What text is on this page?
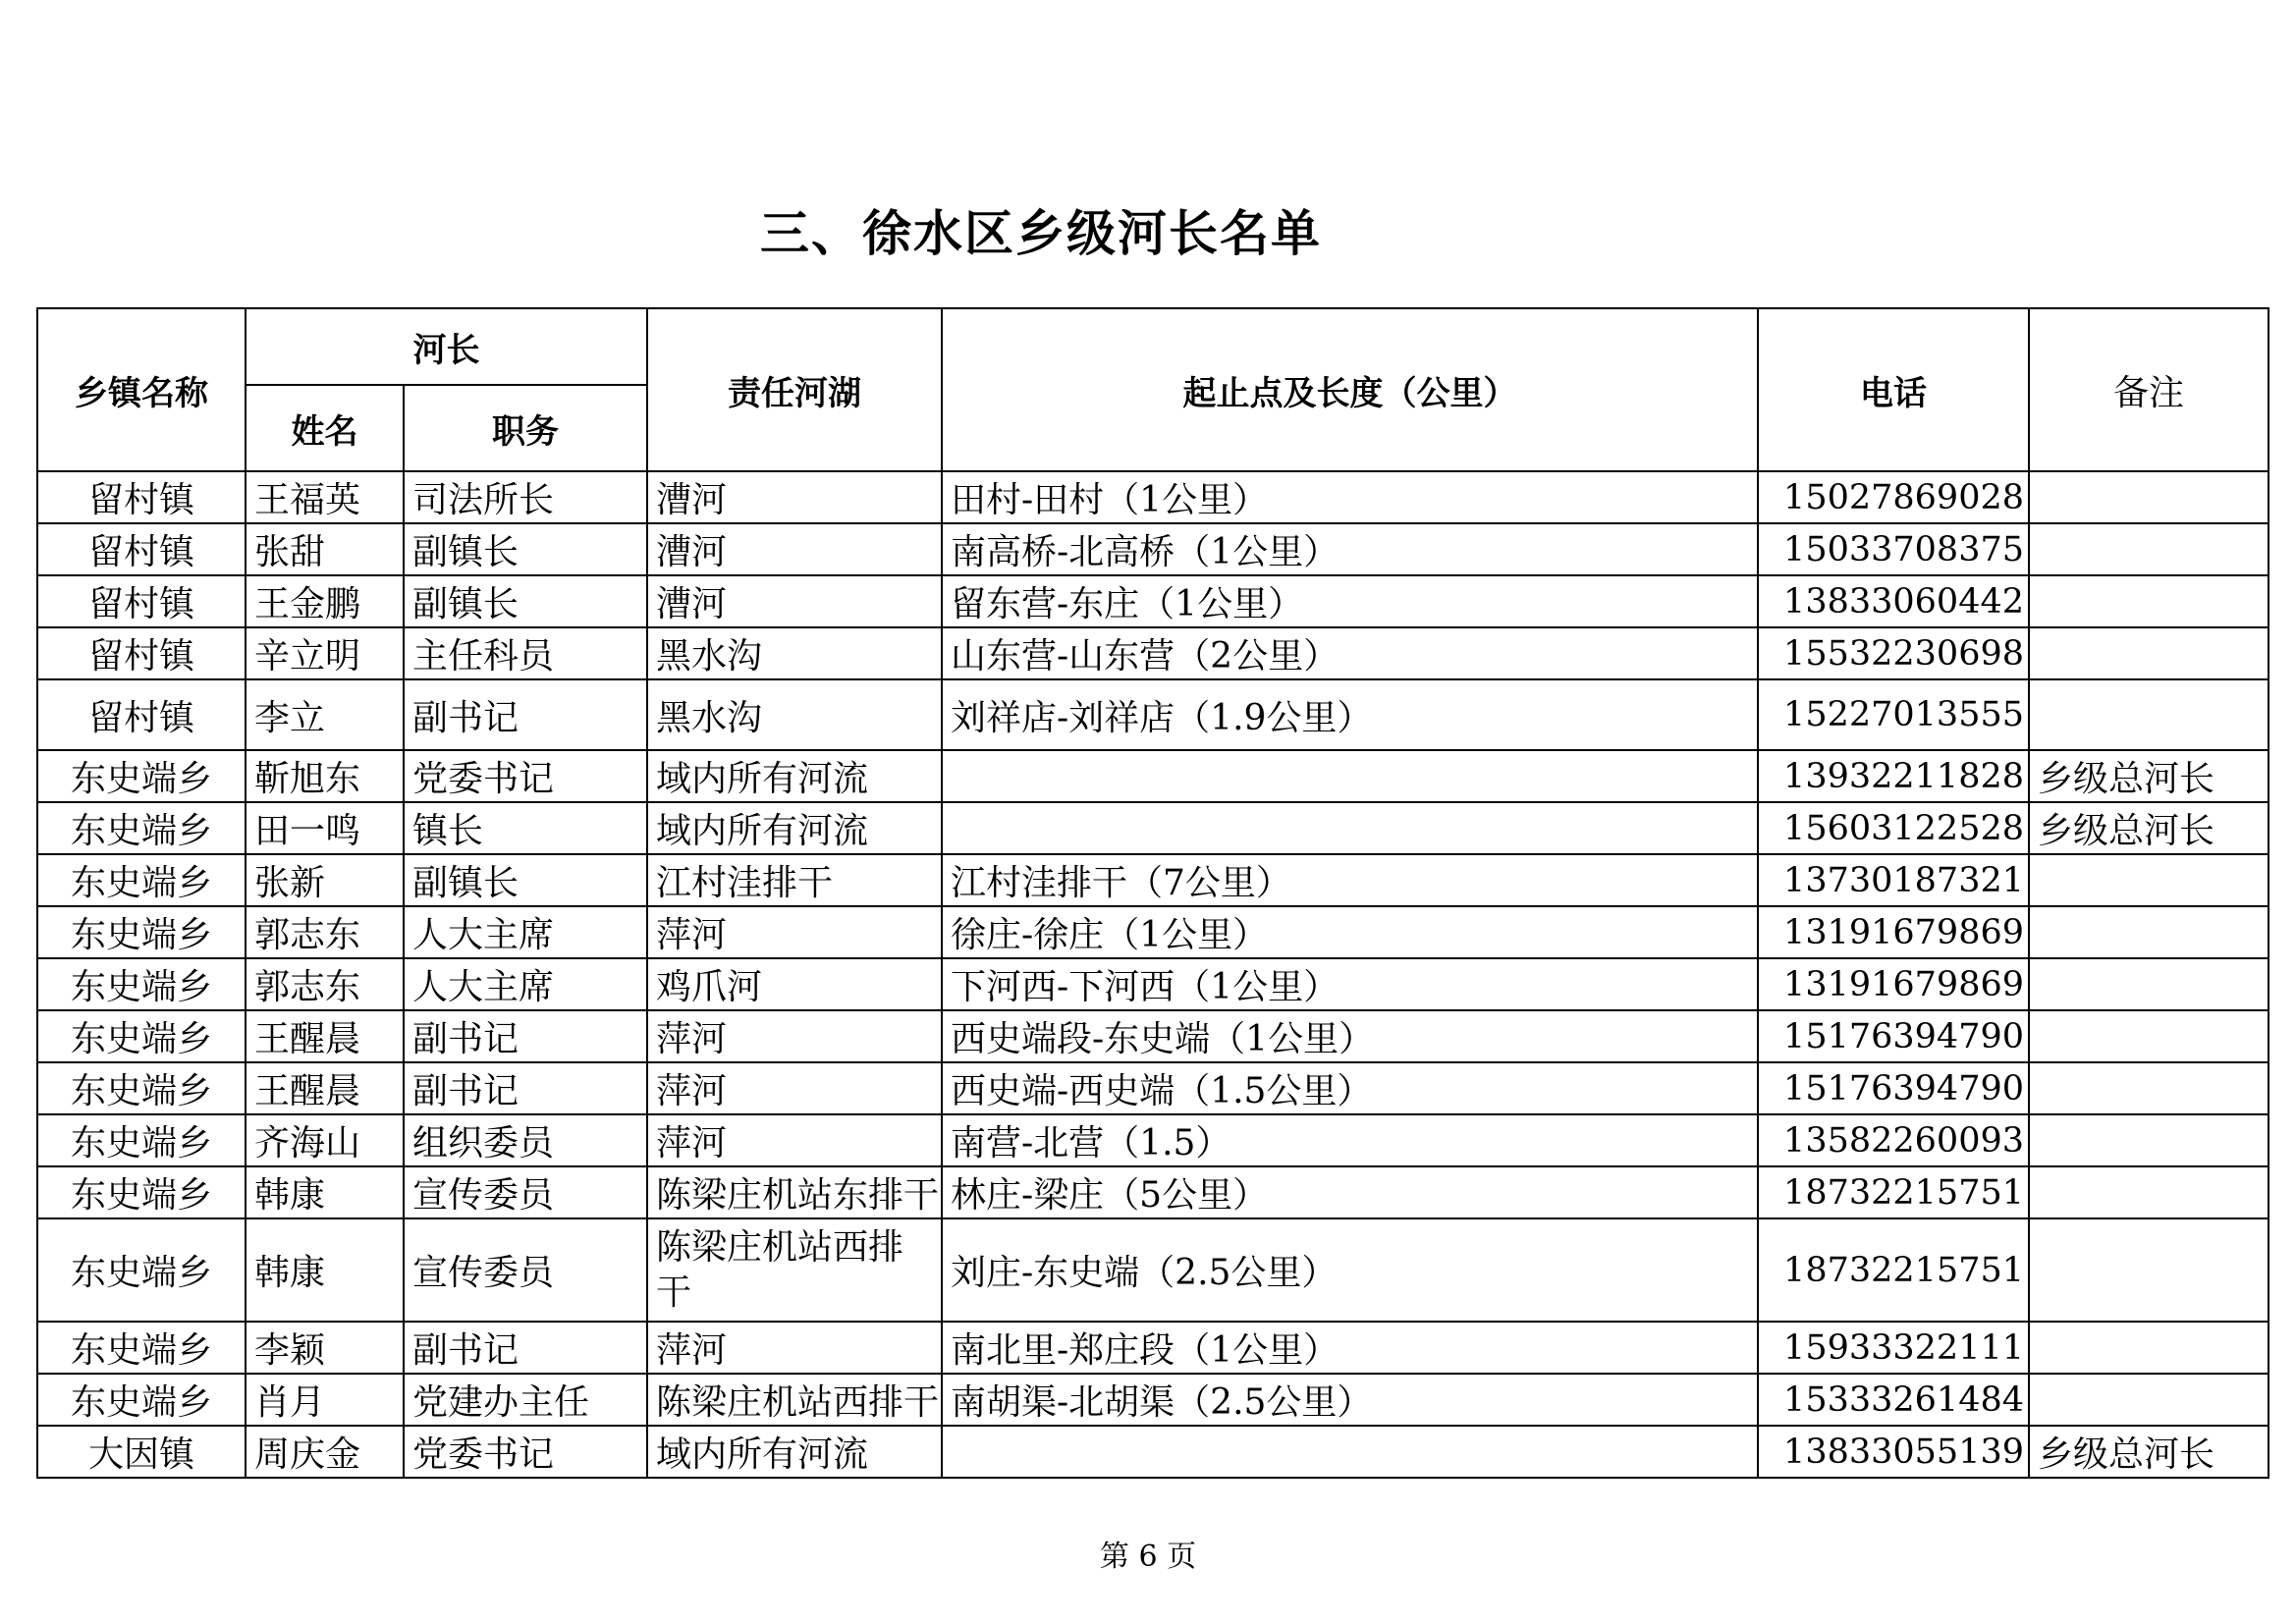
三、徐水区乡级河长名单
乡镇名称	河长		责任河湖	起止点及长度（公里）	电话	备注
	姓名	职务				
留村镇	王福英	司法所长	漕河	田村-田村（1公里）	15027869028	
留村镇	张甜	副镇长	漕河	南高桥-北高桥（1公里）	15033708375	
留村镇	王金鹏	副镇长	漕河	留东营-东庄（1公里）	13833060442	
留村镇	辛立明	主任科员	黑水沟	山东营-山东营（2公里）	15532230698	
留村镇	李立	副书记	黑水沟	刘祥店-刘祥店（1.9公里）	15227013555	
东史端乡	靳旭东	党委书记	域内所有河流		13932211828	乡级总河长
东史端乡	田一鸣	镇长	域内所有河流		15603122528	乡级总河长
东史端乡	张新	副镇长	江村洼排干	江村洼排干（7公里）	13730187321	
东史端乡	郭志东	人大主席	萍河	徐庄-徐庄（1公里）	13191679869	
东史端乡	郭志东	人大主席	鸡爪河	下河西-下河西（1公里）	13191679869	
东史端乡	王醒晨	副书记	萍河	西史端段-东史端（1公里）	15176394790	
东史端乡	王醒晨	副书记	萍河	西史端-西史端（1.5公里）	15176394790	
东史端乡	齐海山	组织委员	萍河	南营-北营（1.5）	13582260093	
东史端乡	韩康	宣传委员	陈梁庄机站东排干	林庄-梁庄（5公里）	18732215751	
东史端乡	韩康	宣传委员	陈梁庄机站西排干	刘庄-东史端（2.5公里）	18732215751	
东史端乡	李颖	副书记	萍河	南北里-郑庄段（1公里）	15933322111	
东史端乡	肖月	党建办主任	陈梁庄机站西排干	南胡渠-北胡渠（2.5公里）	15333261484	
大因镇	周庆金	党委书记	域内所有河流		13833055139	乡级总河长
第 6 页
